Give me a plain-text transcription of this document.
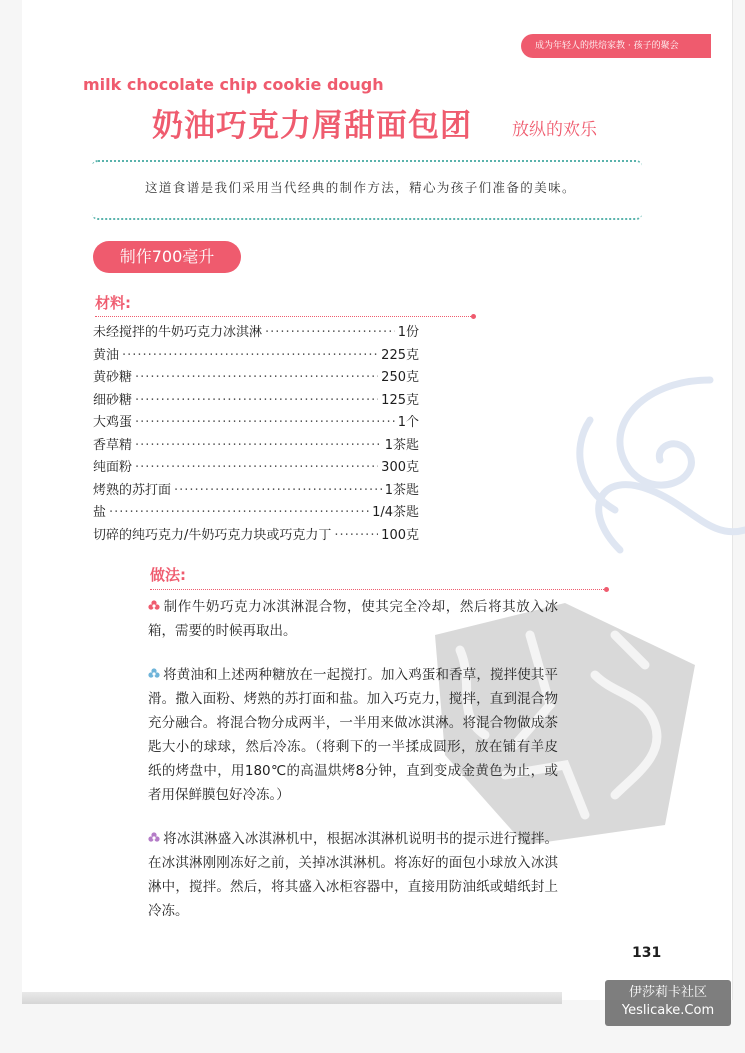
成为年轻人的烘焙家教 · 孩子的聚会
milk chocolate chip cookie dough
奶油巧克力屑甜面包团 放纵的欢乐
这道食谱是我们采用当代经典的制作方法，精心为孩子们准备的美味。
制作700毫升
材料:
未经搅拌的牛奶巧克力冰淇淋 ·····	1份
黄油 ·····	225克
黄砂糖 ·····	250克
细砂糖 ·····	125克
大鸡蛋 ·····	1个
香草精 ·····	1茶匙
纯面粉 ·····	300克
烤熟的苏打面 ·····	1茶匙
盐 ·····	1/4茶匙
切碎的纯巧克力/牛奶巧克力块或巧克力丁 ·····	100克
做法:

制作牛奶巧克力冰淇淋混合物，使其完全冷却，然后将其放入冰箱，需要的时候再取出。

将黄油和上述两种糖放在一起搅打。加入鸡蛋和香草，搅拌使其平滑。撒入面粉、烤熟的苏打面和盐。加入巧克力，搅拌，直到混合物充分融合。将混合物分成两半，一半用来做冰淇淋。将混合物做成茶匙大小的球球，然后冷冻。（将剩下的一半揉成圆形，放在铺有羊皮纸的烤盘中，用180℃的高温烘烤8分钟，直到变成金黄色为止，或者用保鲜膜包好冷冻。）

将冰淇淋盛入冰淇淋机中，根据冰淇淋机说明书的提示进行搅拌。在冰淇淋刚刚冻好之前，关掉冰淇淋机。将冻好的面包小球放入冰淇淋中，搅拌。然后，将其盛入冰柜容器中，直接用防油纸或蜡纸封上冷冻。

131
伊莎莉卡社区
Yeslicake.Com
